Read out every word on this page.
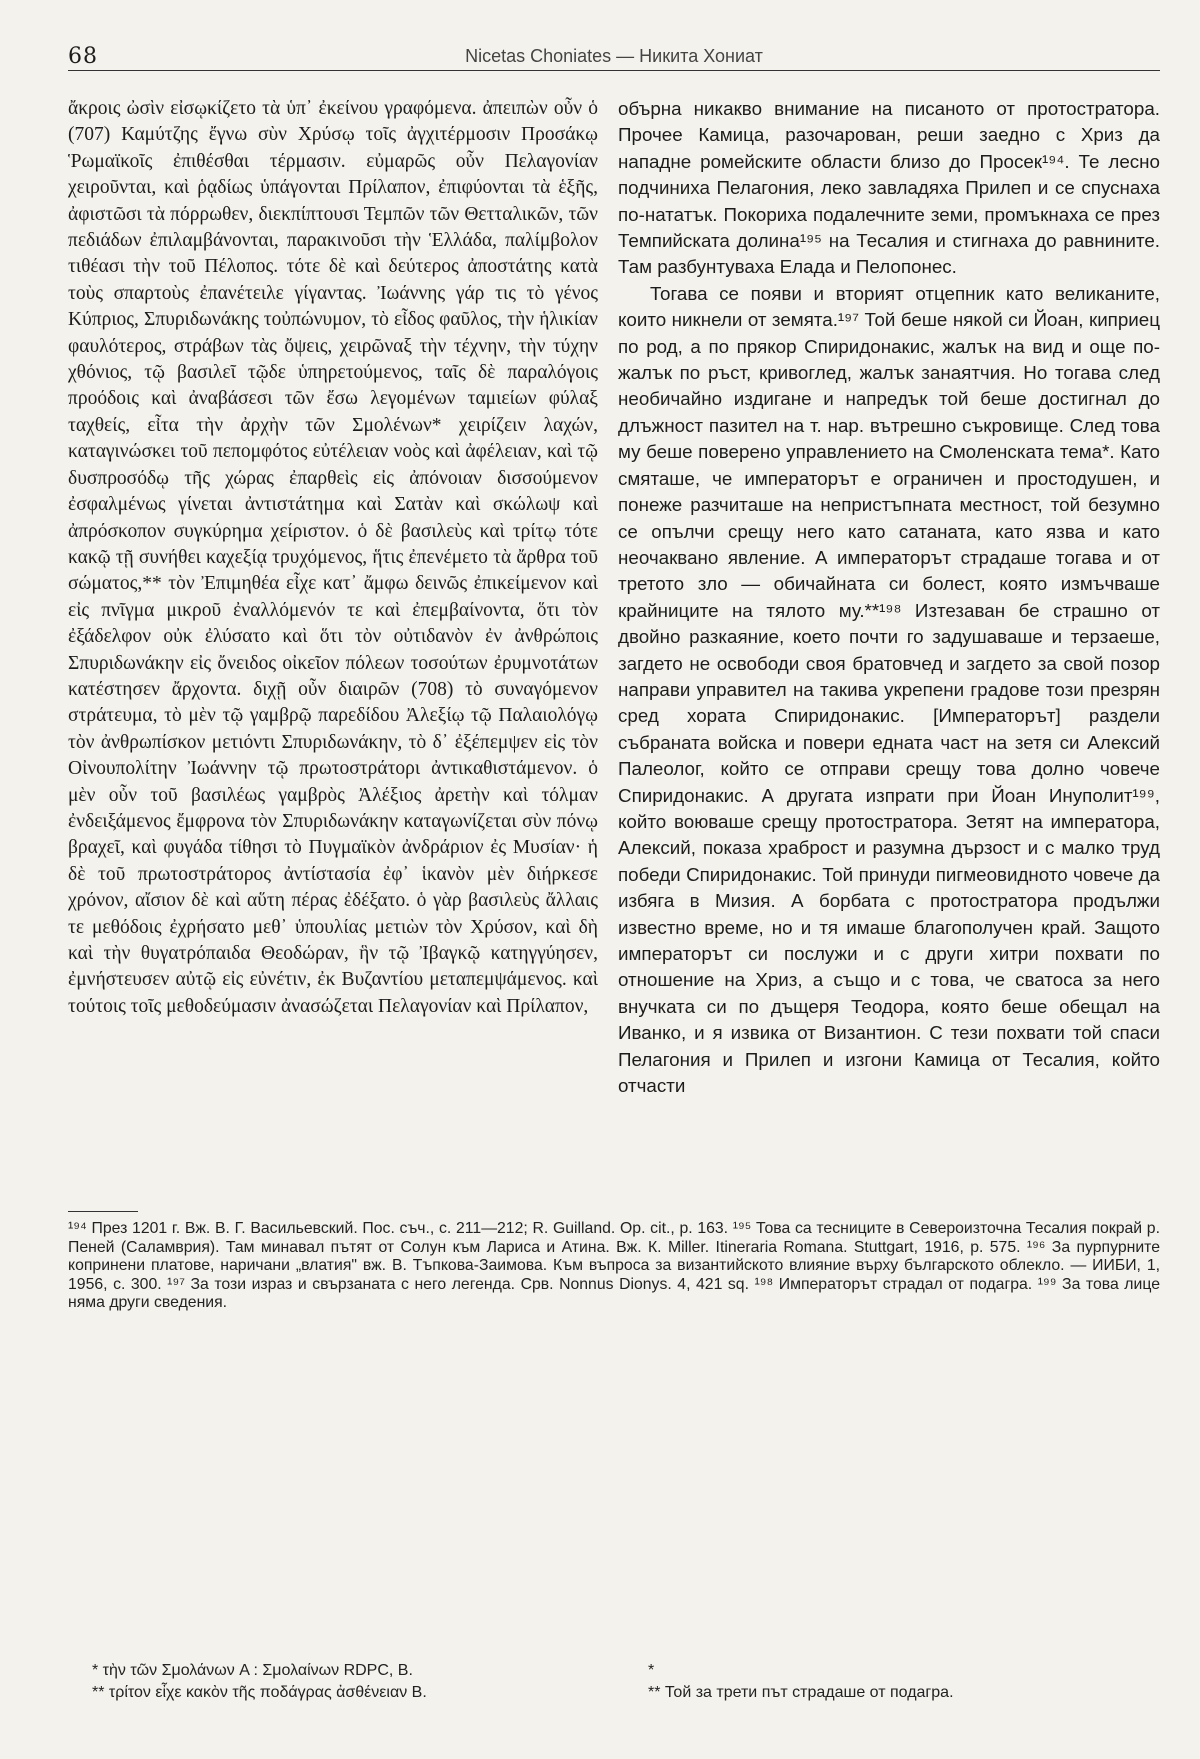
68	Nicetas Choniates — Никита Хониат

ἄκροις ὠσὶν εἰσῳκίζετο τὰ ὑπ᾿ ἐκείνου γραφόμενα. ἀπειπὼν οὖν ὁ (707) Καμύτζης ἔγνω σὺν Χρύσῳ τοῖς ἀγχιτέρμοσιν Προσάκῳ Ῥωμαϊκοῖς ἐπιθέσθαι τέρμασιν. εὐμαρῶς οὖν Πελαγονίαν χειροῦνται, καὶ ῥᾳδίως ὑπάγονται Πρίλαπον, ἐπιφύονται τὰ ἑξῆς, ἀφιστῶσι τὰ πόρρωθεν, διεκπίπτουσι Τεμπῶν τῶν Θετταλικῶν, τῶν πεδιάδων ἐπιλαμβάνονται, παρακινοῦσι τὴν Ἑλλάδα, παλίμβολον τιθέασι τὴν τοῦ Πέλοπος. τότε δὲ καὶ δεύτερος ἀποστάτης κατὰ τοὺς σπαρτοὺς ἐπανέτειλε γίγαντας. Ἰωάννης γάρ τις τὸ γένος Κύπριος, Σπυριδωνάκης τοὐπώνυμον, τὸ εἶδος φαῦλος, τὴν ἡλικίαν φαυλότερος, στράβων τὰς ὄψεις, χειρῶναξ τὴν τέχνην, τὴν τύχην χθόνιος, τῷ βασιλεῖ τῷδε ὑπηρετούμενος, ταῖς δὲ παραλόγοις προόδοις καὶ ἀναβάσεσι τῶν ἔσω λεγομένων ταμιείων φύλαξ ταχθείς, εἶτα τὴν ἀρχὴν τῶν Σμολένων* χειρίζειν λαχών, καταγινώσκει τοῦ πεπομφότος εὐτέλειαν νοὸς καὶ ἀφέλειαν, καὶ τῷ δυσπροσόδῳ τῆς χώρας ἐπαρθεὶς εἰς ἀπόνοιαν δισσούμενον ἐσφαλμένως γίνεται ἀντιστάτημα καὶ Σατὰν καὶ σκώλωψ καὶ ἀπρόσκοπον συγκύρημα χείριστον. ὁ δὲ βασιλεὺς καὶ τρίτῳ τότε κακῷ τῇ συνήθει καχεξίᾳ τρυχόμενος, ἥτις ἐπενέμετο τὰ ἄρθρα τοῦ σώματος,** τὸν Ἐπιμηθέα εἶχε κατ᾿ ἄμφω δεινῶς ἐπικείμενον καὶ εἰς πνῖγμα μικροῦ ἐναλλόμενόν τε καὶ ἐπεμβαίνοντα, ὅτι τὸν ἐξάδελφον οὐκ ἐλύσατο καὶ ὅτι τὸν οὐτιδανὸν ἐν ἀνθρώποις Σπυριδωνάκην εἰς ὄνειδος οἰκεῖον πόλεων τοσούτων ἐρυμνοτάτων κατέστησεν ἄρχοντα. διχῇ οὖν διαιρῶν (708) τὸ συναγόμενον στράτευμα, τὸ μὲν τῷ γαμβρῷ παρεδίδου Ἀλεξίῳ τῷ Παλαιολόγῳ τὸν ἀνθρωπίσκον μετιόντι Σπυριδωνάκην, τὸ δ᾿ ἐξέπεμψεν εἰς τὸν Οἰνουπολίτην Ἰωάννην τῷ πρωτοστράτορι ἀντικαθιστάμενον. ὁ μὲν οὖν τοῦ βασιλέως γαμβρὸς Ἀλέξιος ἀρετὴν καὶ τόλμαν ἐνδειξάμενος ἔμφρονα τὸν Σπυριδωνάκην καταγωνίζεται σὺν πόνῳ βραχεῖ, καὶ φυγάδα τίθησι τὸ Πυγμαϊκὸν ἀνδράριον ἐς Μυσίαν· ἡ δὲ τοῦ πρωτοστράτορος ἀντίστασία ἐφ᾿ ἱκανὸν μὲν διήρκεσε χρόνον, αἴσιον δὲ καὶ αὕτη πέρας ἐδέξατο. ὁ γὰρ βασιλεὺς ἄλλαις τε μεθόδοις ἐχρήσατο μεθ᾿ ὑπουλίας μετιὼν τὸν Χρύσον, καὶ δὴ καὶ τὴν θυγατρόπαιδα Θεοδώραν, ἣν τῷ Ἰβαγκῷ κατηγγύησεν, ἐμνήστευσεν αὐτῷ εἰς εὐνέτιν, ἐκ Βυζαντίου μεταπεμψάμενος. καὶ τούτοις τοῖς μεθοδεύμασιν ἀνασώζεται Πελαγονίαν καὶ Πρίλαπον,

обърна никакво внимание на писаното от протостратора. Прочее Камица, разочарован, реши заедно с Хриз да нападне ромейските области близо до Просек¹⁹⁴. Те лесно подчиниха Пелагония, леко завладяха Прилеп и се спуснаха по-нататък. Покориха подалечните земи, промъкнаха се през Темпийската долина¹⁹⁵ на Тесалия и стигнаха до равнините. Там разбунтуваха Елада и Пелопонес.

Тогава се появи и вторият отцепник като великаните, които никнели от земята.¹⁹⁷ Той беше някой си Йоан, киприец по род, а по прякор Спиридонакис, жалък на вид и още по-жалък по ръст, кривоглед, жалък занаятчия. Но тогава след необичайно издигане и напредък той беше достигнал до длъжност пазител на т. нар. вътрешно съкровище. След това му беше поверено управлението на Смоленската тема*. Като смяташе, че императорът е ограничен и простодушен, и понеже разчиташе на непристъпната местност, той безумно се опълчи срещу него като сатаната, като язва и като неочаквано явление. А императорът страдаше тогава и от третото зло — обичайната си болест, която измъчваше крайниците на тялото му.**¹⁹⁸ Изтезаван бе страшно от двойно разкаяние, което почти го задушаваше и терзаеше, загдето не освободи своя братовчед и загдето за свой позор направи управител на такива укрепени градове този презрян сред хората Спиридонакис. [Императорът] раздели събраната войска и повери едната част на зетя си Алексий Палеолог, който се отправи срещу това долно човече Спиридонакис. А другата изпрати при Йоан Инуполит¹⁹⁹, който воюваше срещу протостратора. Зетят на императора, Алексий, показа храброст и разумна дързост и с малко труд победи Спиридонакис. Той принуди пигмеовидното човече да избяга в Мизия. А борбата с протостратора продължи известно време, но и тя имаше благополучен край. Защото императорът си послужи и с други хитри похвати по отношение на Хриз, а също и с това, че сватоса за него внучката си по дъщеря Теодора, която беше обещал на Иванко, и я извика от Византион. С тези похвати той спаси Пелагония и Прилеп и изгони Камица от Тесалия, който отчасти

¹⁹⁴ През 1201 г. Вж. В. Г. Васильевский. Пос. съч., с. 211—212; R. Guilland. Op. cit., p. 163. ¹⁹⁵ Това са тесниците в Североизточна Тесалия покрай р. Пеней (Саламврия). Там минавал пътят от Солун към Лариса и Атина. Вж. К. Miller. Itineraria Romana. Stuttgart, 1916, p. 575. ¹⁹⁶ За пурпурните копринени платове, наричани „влатия" вж. В. Тъпкова-Заимова. Към въпроса за византийското влияние върху българското облекло. — ИИБИ, 1, 1956, с. 300. ¹⁹⁷ За този израз и свързаната с него легенда. Срв. Nonnus Dionys. 4, 421 sq. ¹⁹⁸ Императорът страдал от подагра. ¹⁹⁹ За това лице няма други сведения.

* τὴν τῶν Σμολάνων A : Σμολαίνων RDPC, B.

** τρίτον εἶχε κακὸν τῆς ποδάγρας ἀσθένειαν B.

*

** Той за трети път страдаше от подагра.
